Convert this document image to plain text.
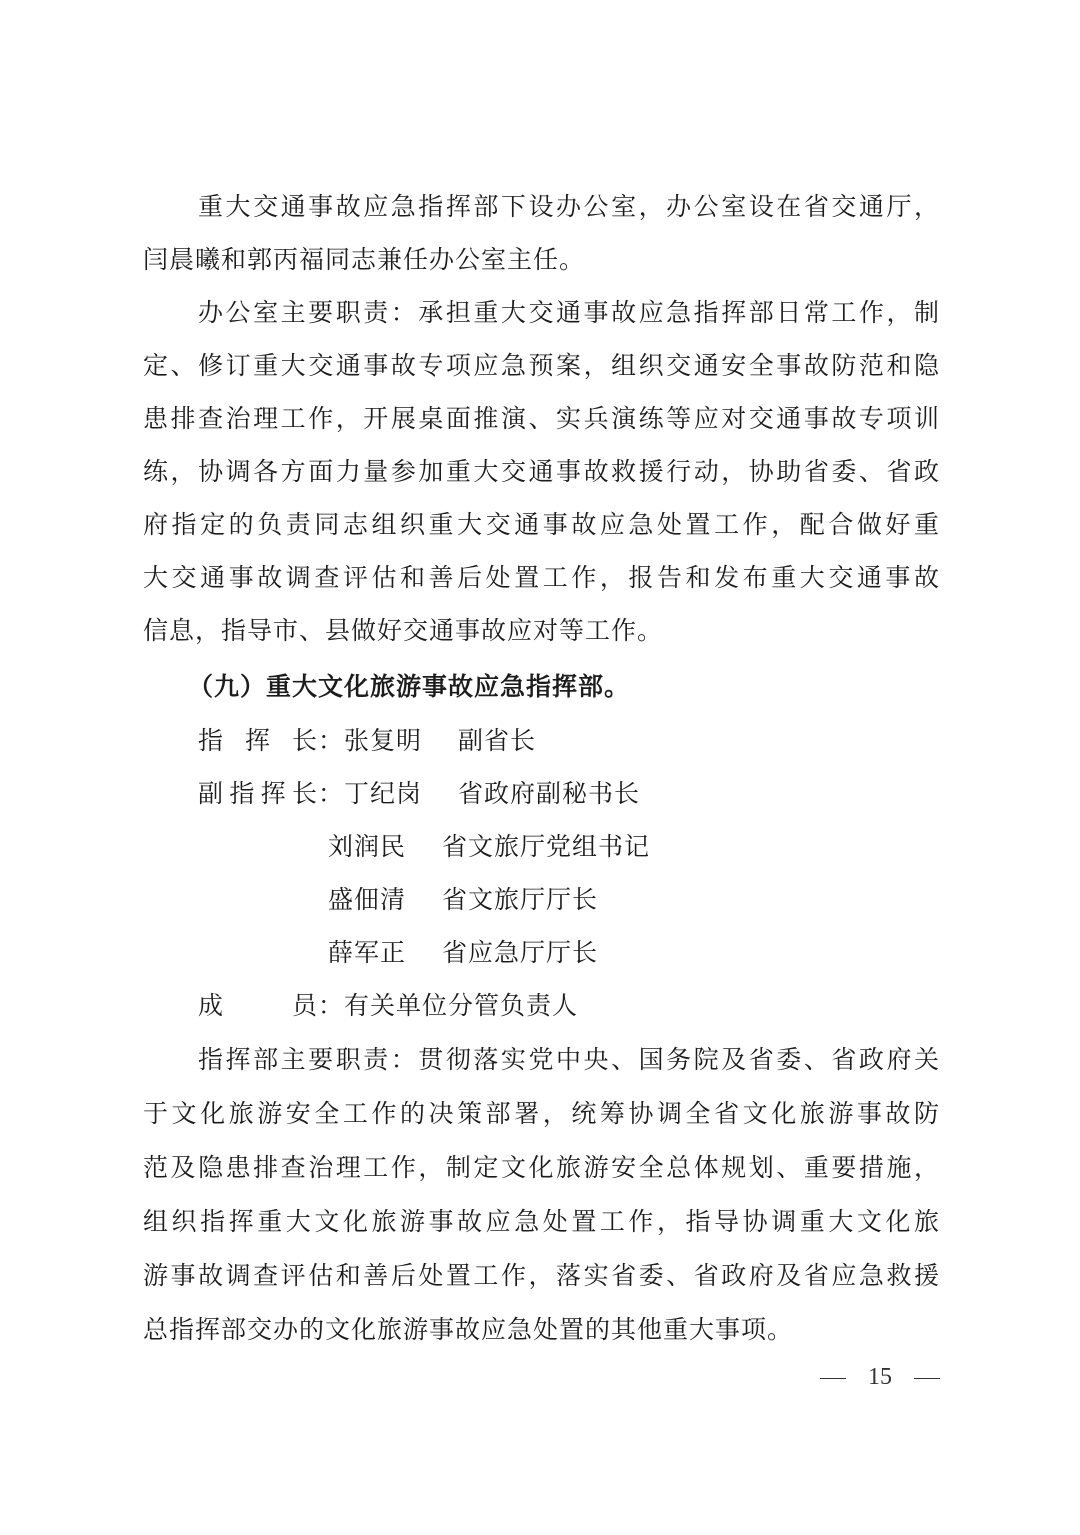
重大交通事故应急指挥部下设办公室，办公室设在省交通厅，
闫晨曦和郭丙福同志兼任办公室主任。
办公室主要职责：承担重大交通事故应急指挥部日常工作，制
定、修订重大交通事故专项应急预案，组织交通安全事故防范和隐
患排查治理工作，开展桌面推演、实兵演练等应对交通事故专项训
练，协调各方面力量参加重大交通事故救援行动，协助省委、省政
府指定的负责同志组织重大交通事故应急处置工作，配合做好重
大交通事故调查评估和善后处置工作，报告和发布重大交通事故
信息，指导市、县做好交通事故应对等工作。
（九）重大文化旅游事故应急指挥部。
指挥长：张复明 副省长
副指挥长：丁纪岗 省政府副秘书长
刘润民 省文旅厅党组书记
盛佃清 省文旅厅厅长
薛军正 省应急厅厅长
成员：有关单位分管负责人
指挥部主要职责：贯彻落实党中央、国务院及省委、省政府关
于文化旅游安全工作的决策部署，统筹协调全省文化旅游事故防
范及隐患排查治理工作，制定文化旅游安全总体规划、重要措施，
组织指挥重大文化旅游事故应急处置工作，指导协调重大文化旅
游事故调查评估和善后处置工作，落实省委、省政府及省应急救援
总指挥部交办的文化旅游事故应急处置的其他重大事项。
15
